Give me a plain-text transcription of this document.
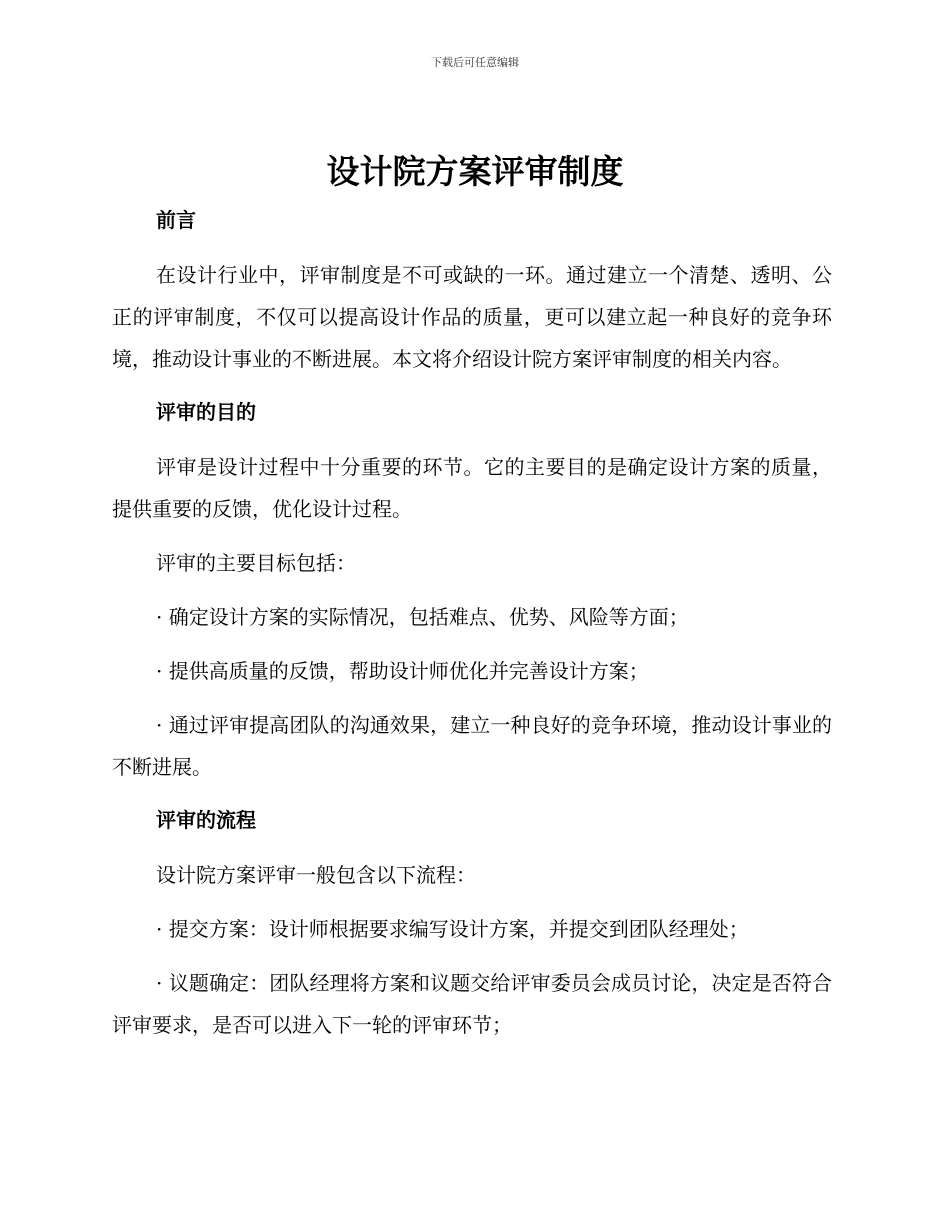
下载后可任意编辑
设计院方案评审制度
前言

在设计行业中，评审制度是不可或缺的一环。通过建立一个清楚、透明、公正的评审制度，不仅可以提高设计作品的质量，更可以建立起一种良好的竞争环境，推动设计事业的不断进展。本文将介绍设计院方案评审制度的相关内容。

评审的目的

评审是设计过程中十分重要的环节。它的主要目的是确定设计方案的质量，提供重要的反馈，优化设计过程。

评审的主要目标包括：

· 确定设计方案的实际情况，包括难点、优势、风险等方面；

· 提供高质量的反馈，帮助设计师优化并完善设计方案；

· 通过评审提高团队的沟通效果，建立一种良好的竞争环境，推动设计事业的不断进展。

评审的流程

设计院方案评审一般包含以下流程：

· 提交方案：设计师根据要求编写设计方案，并提交到团队经理处；

· 议题确定：团队经理将方案和议题交给评审委员会成员讨论，决定是否符合评审要求，是否可以进入下一轮的评审环节；
